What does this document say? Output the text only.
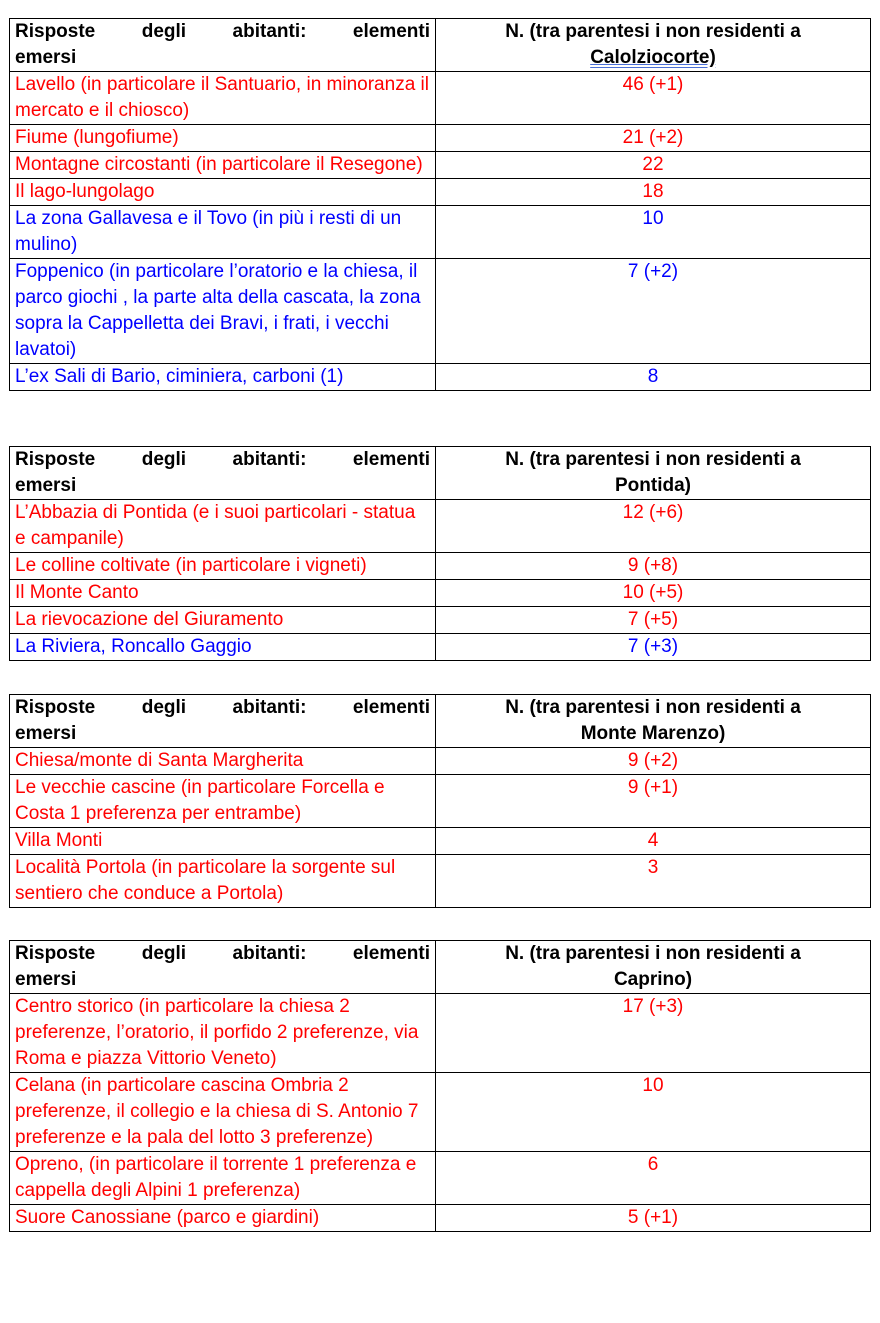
Risposte degli abitanti: elementi
emersi	N. (tra parentesi i non residenti a
Calolziocorte)
Lavello (in particolare il Santuario, in minoranza il mercato e il chiosco)	46 (+1)
Fiume (lungofiume)	21 (+2)
Montagne circostanti (in particolare il Resegone)	22
Il lago-lungolago	18
La zona Gallavesa e il Tovo (in più i resti di un mulino)	10
Foppenico (in particolare l’oratorio e la chiesa, il parco giochi , la parte alta della cascata, la zona sopra la Cappelletta dei Bravi, i frati, i vecchi lavatoi)	7 (+2)
L’ex Sali di Bario, ciminiera, carboni (1)	8
Risposte degli abitanti: elementi
emersi	N. (tra parentesi i non residenti a
Pontida)
L’Abbazia di Pontida (e i suoi particolari - statua e campanile)	12 (+6)
Le colline coltivate (in particolare i vigneti)	9 (+8)
Il Monte Canto	10 (+5)
La rievocazione del Giuramento	7 (+5)
La Riviera, Roncallo Gaggio	7 (+3)
Risposte degli abitanti: elementi
emersi	N. (tra parentesi i non residenti a
Monte Marenzo)
Chiesa/monte di Santa Margherita	9 (+2)
Le vecchie cascine (in particolare Forcella e Costa 1 preferenza per entrambe)	9 (+1)
Villa Monti	4
Località Portola (in particolare la sorgente sul sentiero che conduce a Portola)	3
Risposte degli abitanti: elementi
emersi	N. (tra parentesi i non residenti a
Caprino)
Centro storico (in particolare la chiesa 2 preferenze, l’oratorio, il porfido 2 preferenze, via Roma e piazza Vittorio Veneto)	17 (+3)
Celana (in particolare cascina Ombria 2 preferenze, il collegio e la chiesa di S. Antonio 7 preferenze e la pala del lotto 3 preferenze)	10
Opreno, (in particolare il torrente 1 preferenza e cappella degli Alpini 1 preferenza)	6
Suore Canossiane (parco e giardini)	5 (+1)
